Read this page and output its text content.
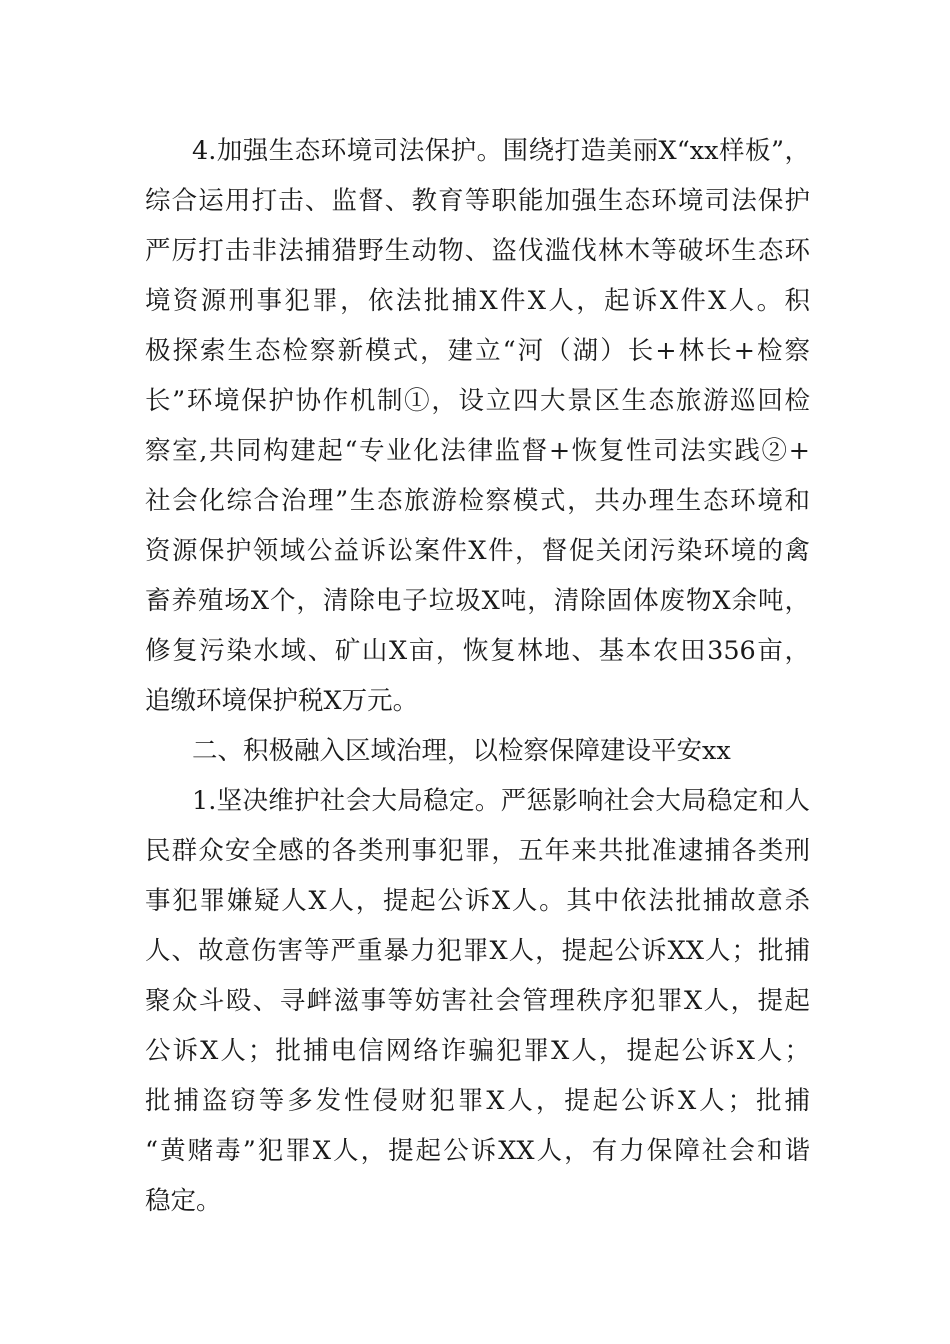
4.加强生态环境司法保护。围绕打造美丽X“xx样板”，
综合运用打击、监督、教育等职能加强生态环境司法保护
严厉打击非法捕猎野生动物、盗伐滥伐林木等破坏生态环
境资源刑事犯罪，依法批捕X件X人，起诉X件X人。积
极探索生态检察新模式，建立“河（湖）长+林长+检察
长”环境保护协作机制①，设立四大景区生态旅游巡回检
察室,共同构建起“专业化法律监督+恢复性司法实践②+
社会化综合治理”生态旅游检察模式，共办理生态环境和
资源保护领域公益诉讼案件X件，督促关闭污染环境的禽
畜养殖场X个，清除电子垃圾X吨，清除固体废物X余吨，
修复污染水域、矿山X亩，恢复林地、基本农田356亩，
追缴环境保护税X万元。
二、积极融入区域治理，以检察保障建设平安xx
1.坚决维护社会大局稳定。严惩影响社会大局稳定和人
民群众安全感的各类刑事犯罪，五年来共批准逮捕各类刑
事犯罪嫌疑人X人，提起公诉X人。其中依法批捕故意杀
人、故意伤害等严重暴力犯罪X人，提起公诉XX人；批捕
聚众斗殴、寻衅滋事等妨害社会管理秩序犯罪X人，提起
公诉X人；批捕电信网络诈骗犯罪X人，提起公诉X人；
批捕盗窃等多发性侵财犯罪X人，提起公诉X人；批捕
“黄赌毒”犯罪X人，提起公诉XX人，有力保障社会和谐
稳定。
